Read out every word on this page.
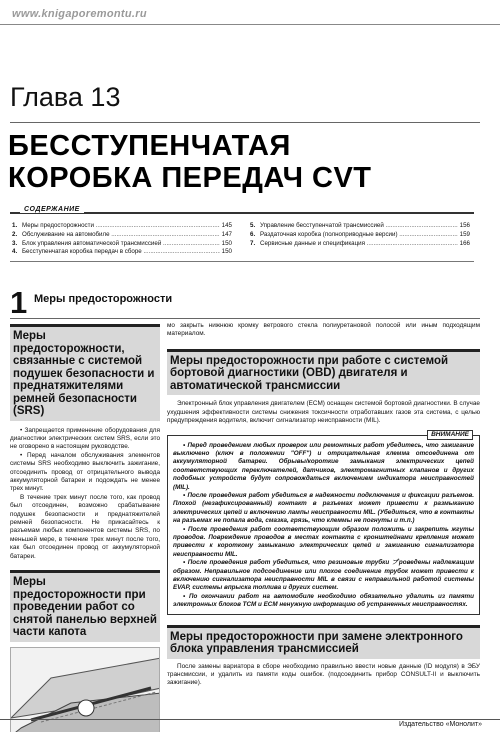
www.knigaporemontu.ru
Глава 13
БЕССТУПЕНЧАТАЯ
КОРОБКА ПЕРЕДАЧ CVT
СОДЕРЖАНИЕ
1. Меры предосторожности .....	145
2. Обслуживание на автомобиле .....	147
3. Блок управления автоматической трансмиссией .....	150
4. Бесступенчатая коробка передач в сборе .....	150
5. Управление бесступенчатой трансмиссией .....	156
6. Раздаточная коробка (полноприводные версии) .....	159
7. Сервисные данные и спецификация .....	166
1 Меры предосторожности
Меры предосторожности, связанные с системой подушек безопасности и преднатяжителями ремней безопасности (SRS)

• Запрещается применение оборудования для диагностики электрических систем SRS, если это не оговорено в настоящем руководстве.

• Перед началом обслуживания элементов системы SRS необходимо выключить зажигание, отсоединить провод от отрицательного вывода аккумуляторной батареи и подождать не менее трех минут.

В течение трех минут после того, как провод был отсоединен, возможно срабатывание подушек безопасности и преднатяжителей ремней безопасности. Не прикасайтесь к разъемам любых компонентов системы SRS, по меньшей мере, в течение трех минут после того, как был отсоединен провод от аккумуляторной батареи.

Меры предосторожности при проведении работ со снятой панелью верхней части капота

мо закрыть нижнюю кромку ветрового стекла полиуретановой полосой или иным подходящим материалом.

Меры предосторожности при работе с системой бортовой диагностики (OBD) двигателя и автоматической трансмиссии

Электронный блок управления двигателем (ECM) оснащен системой бортовой диагностики. В случае ухудшения эффективности системы снижения токсичности отработавших газов эта система, с целью предупреждения водителя, включит сигнализатор неисправности (MIL).

ВНИМАНИЕ

• Перед проведением любых проверок или ремонтных работ убедитесь, что зажигание выключено (ключ в положении "OFF") и отрицательная клемма отсоединена от аккумуляторной батареи. Обрывы/короткие замыкания электрических цепей соответствующих переключателей, датчиков, электромагнитных клапанов и других подобных устройств будут сопровождаться включением индикатора неисправностей (MIL).

• После проведения работ убедиться в надежности подключения и фиксации разъемов. Плохой (незафиксированный) контакт в разъемах может привести к размыканию электрических цепей и включению лампы неисправности MIL. (Убедиться, что в контакты на разъемах не попала вода, смазка, грязь, что клеммы не погнуты и т.п.)

• После проведения работ соответствующим образом положить и закрепить жгуты проводов. Повреждение проводов в местах контакта с кронштейнами крепления может привести к короткому замыканию электрических цепей и зажиганию сигнализатора неисправности MIL.

• После проведения работ убедиться, что резиновые трубки プроведены надлежащим образом. Неправильное подсоединение или плохое соединение трубок может привести к включению сигнализатора неисправности MIL в связи с неправильной работой системы EVAP, системы впрыска топлива и других систем.

• По окончании работ на автомобиле необходимо обязательно удалить из памяти электронных блоков TCM и ECM ненужную информацию об устраненных неисправностях.

Меры предосторожности при замене электронного блока управления трансмиссией

После замены вариатора в сборе необходимо правильно ввести новые данные (ID модуля) в ЭБУ трансмиссии, и удалить из памяти коды ошибок. (подсоединить прибор CONSULT-II и выключить зажигание).

Издательство «Монолит»
